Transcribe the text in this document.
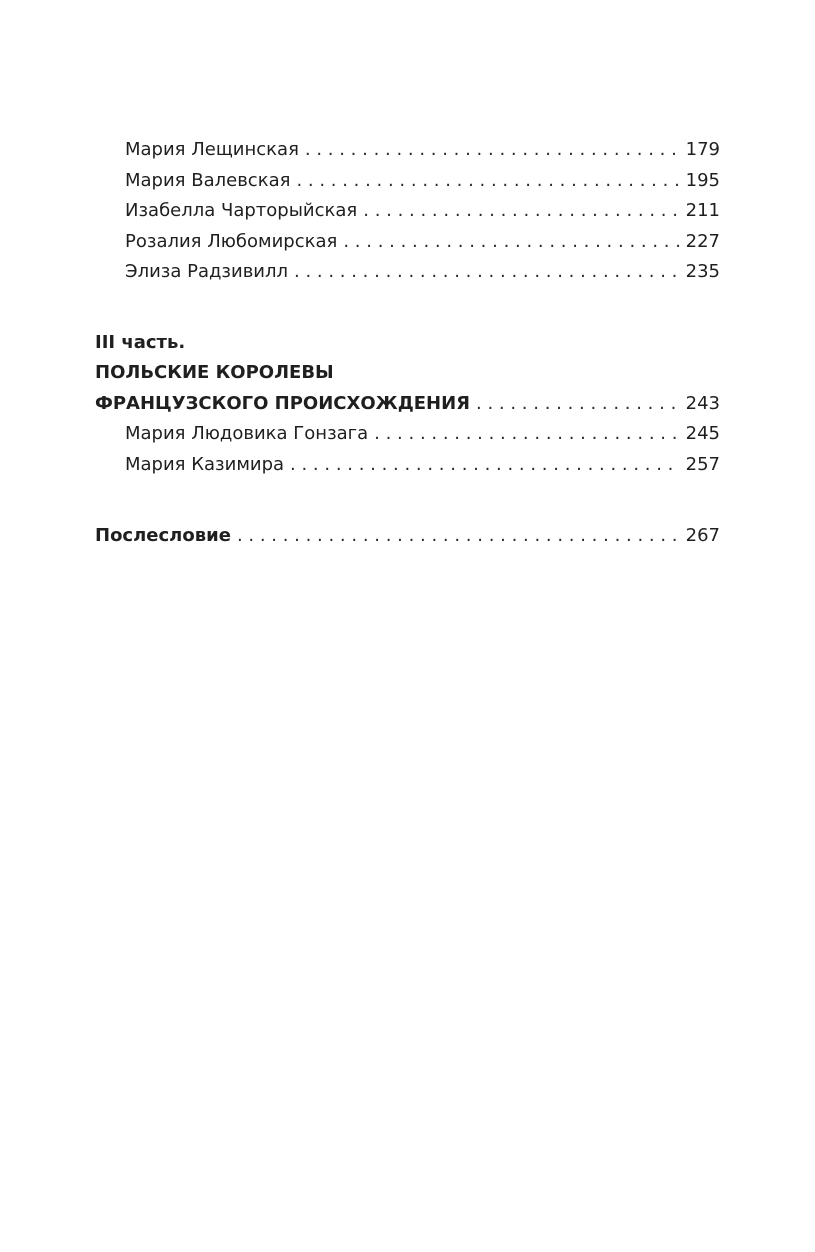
Мария Лещинская . . .	179
Мария Валевская . . .	195
Изабелла Чарторыйская . . .	211
Розалия Любомирская . . .	227
Элиза Радзивилл . . .	235
III часть.
ПОЛЬСКИЕ КОРОЛЕВЫ
ФРАНЦУЗСКОГО ПРОИСХОЖДЕНИЯ . . .	243
Мария Людовика Гонзага . . .	245
Мария Казимира . . .	257
Послесловие . . .	267
